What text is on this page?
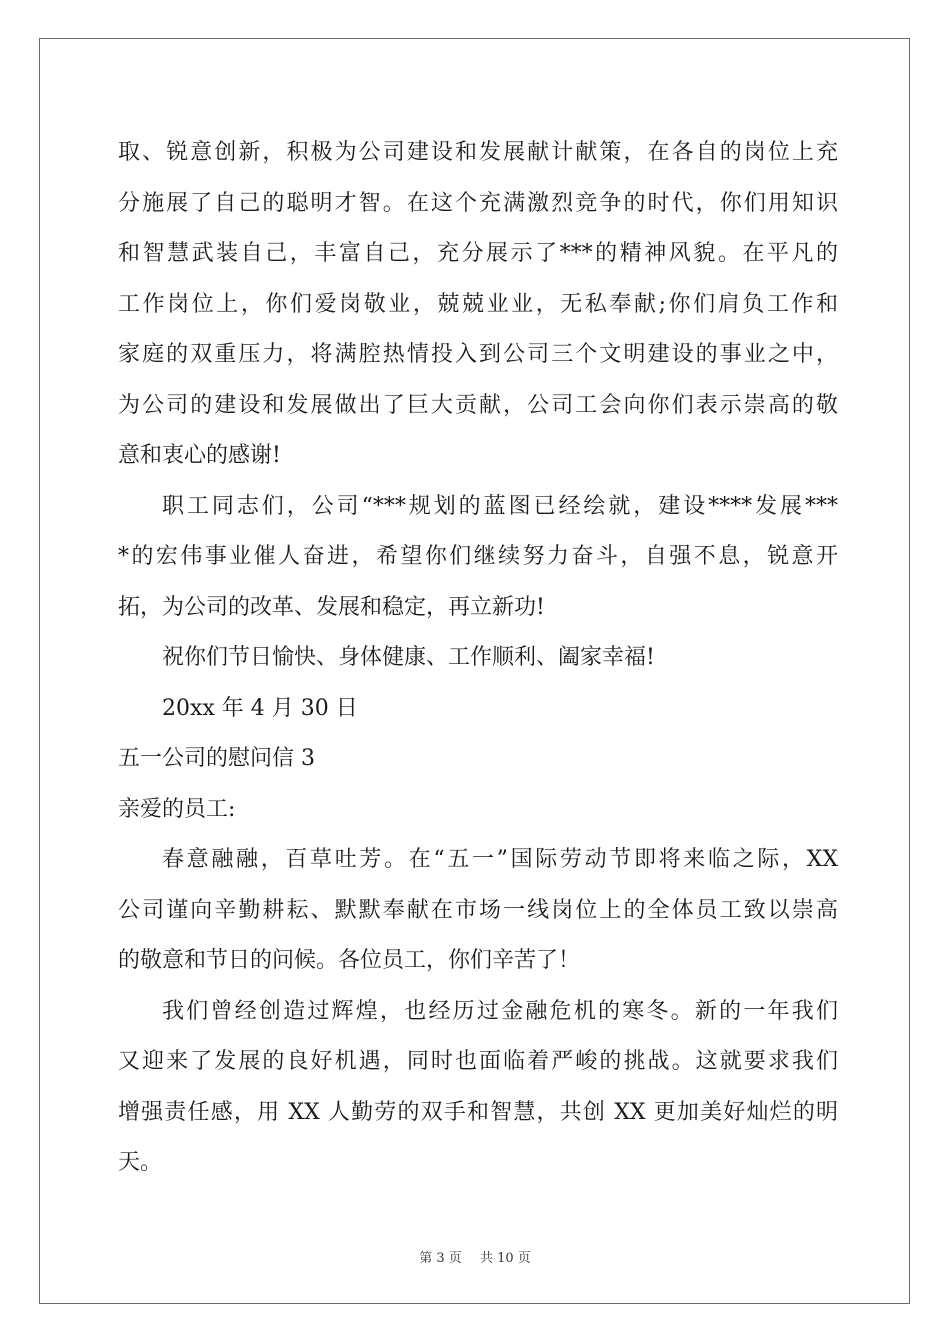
取、锐意创新，积极为公司建设和发展献计献策，在各自的岗位上充
分施展了自己的聪明才智。在这个充满激烈竞争的时代，你们用知识
和智慧武装自己，丰富自己，充分展示了***的精神风貌。在平凡的
工作岗位上，你们爱岗敬业，兢兢业业，无私奉献;你们肩负工作和
家庭的双重压力，将满腔热情投入到公司三个文明建设的事业之中，
为公司的建设和发展做出了巨大贡献，公司工会向你们表示崇高的敬
意和衷心的感谢!
职工同志们，公司“***规划的蓝图已经绘就，建设****发展***
*的宏伟事业催人奋进，希望你们继续努力奋斗，自强不息，锐意开
拓，为公司的改革、发展和稳定，再立新功!
祝你们节日愉快、身体健康、工作顺利、阖家幸福!
20xx 年 4 月 30 日
五一公司的慰问信 3
亲爱的员工:
春意融融，百草吐芳。在“五一”国际劳动节即将来临之际，XX
公司谨向辛勤耕耘、默默奉献在市场一线岗位上的全体员工致以崇高
的敬意和节日的问候。各位员工，你们辛苦了！
我们曾经创造过辉煌，也经历过金融危机的寒冬。新的一年我们
又迎来了发展的良好机遇，同时也面临着严峻的挑战。这就要求我们
增强责任感，用 XX 人勤劳的双手和智慧，共创 XX 更加美好灿烂的明
天。
第 3 页 共 10 页
